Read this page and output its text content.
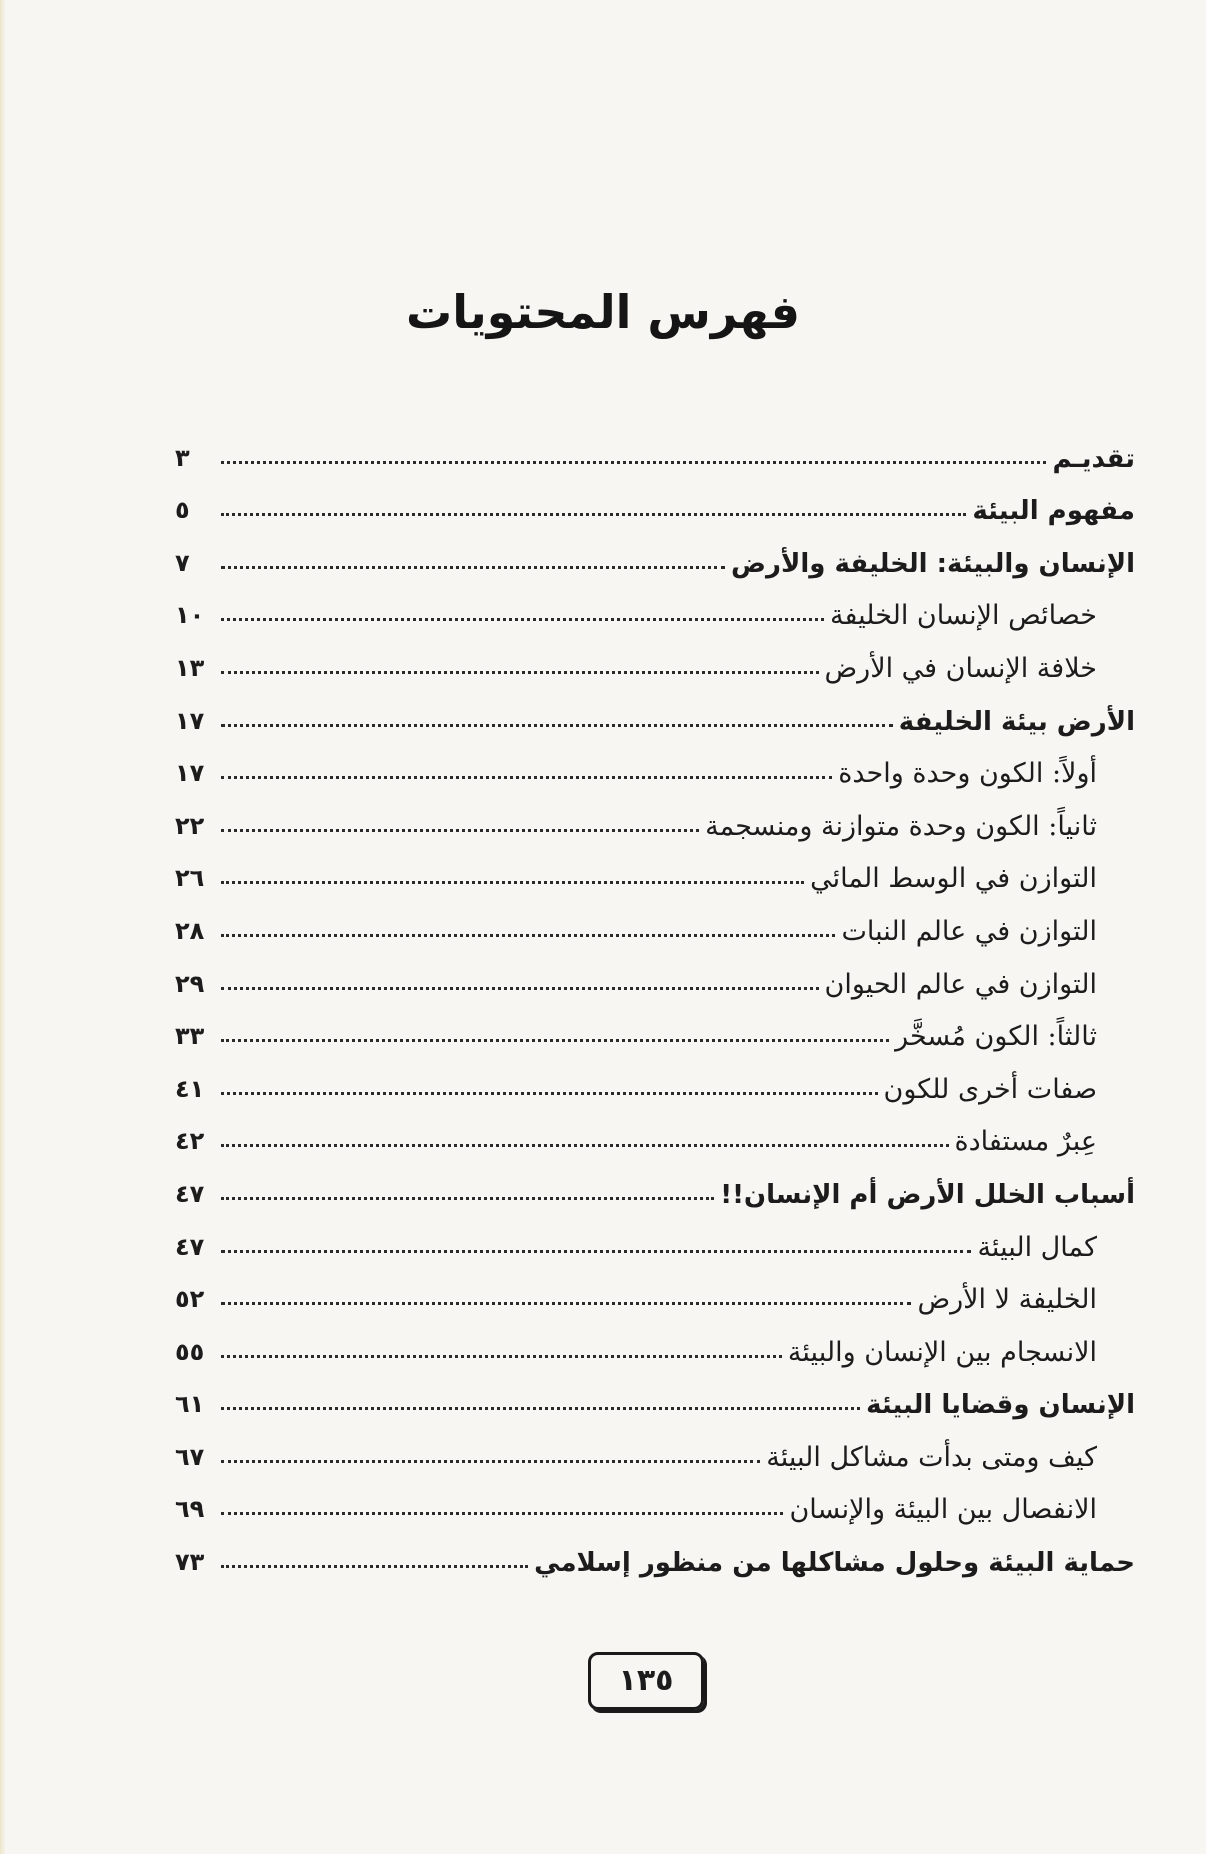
فهرس المحتويات
تقديـم
٣
مفهوم البيئة
٥
الإنسان والبيئة: الخليفة والأرض
٧
خصائص الإنسان الخليفة
١٠
خلافة الإنسان في الأرض
١٣
الأرض بيئة الخليفة
١٧
أولاً: الكون وحدة واحدة
١٧
ثانياً: الكون وحدة متوازنة ومنسجمة
٢٢
التوازن في الوسط المائي
٢٦
التوازن في عالم النبات
٢٨
التوازن في عالم الحيوان
٢٩
ثالثاً: الكون مُسخَّر
٣٣
صفات أخرى للكون
٤١
عِبرٌ مستفادة
٤٢
أسباب الخلل الأرض أم الإنسان!!
٤٧
كمال البيئة
٤٧
الخليفة لا الأرض
٥٢
الانسجام بين الإنسان والبيئة
٥٥
الإنسان وقضايا البيئة
٦١
كيف ومتى بدأت مشاكل البيئة
٦٧
الانفصال بين البيئة والإنسان
٦٩
حماية البيئة وحلول مشاكلها من منظور إسلامي
٧٣
١٣٥
